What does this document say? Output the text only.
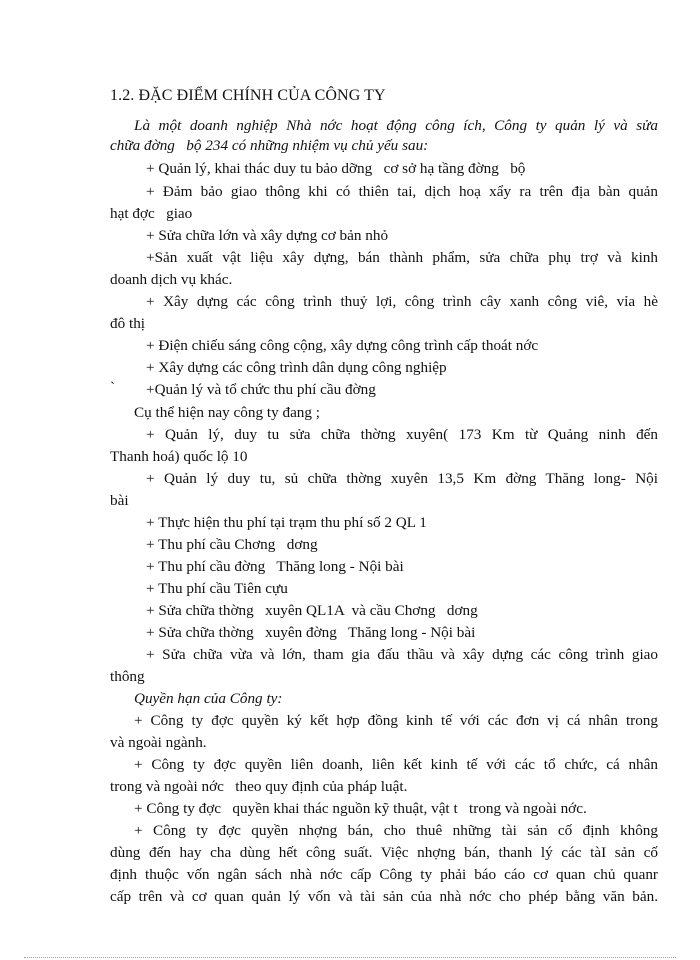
1.2. ĐẶC ĐIỂM CHÍNH CỦA CÔNG TY

Là một doanh nghiệp Nhà nớc hoạt động công ích, Công ty quản lý và sửa

chữa đờng   bộ 234 có những nhiệm vụ chủ yếu sau:

+ Quản lý, khai thác duy tu bảo dỡng   cơ sở hạ tầng đờng   bộ

+ Đảm bảo giao thông khi có thiên tai, dịch hoạ xẩy ra trên địa bàn quản

hạt đợc   giao

+ Sửa chữa lớn và xây dựng cơ bản nhỏ

+Sản xuất vật liệu xây dựng, bán thành phẩm, sửa chữa phụ trợ và kinh

doanh dịch vụ khác.

+ Xây dựng các công trình thuỷ lợi, công trình cây xanh công viê, vỉa hè

đô thị

+ Điện chiếu sáng công cộng, xây dựng công trình cấp thoát nớc

+ Xây dựng các công trình dân dụng công nghiệp

` +Quản lý và tổ chức thu phí cầu đờng

Cụ thể hiện nay công ty đang ;

+ Quản lý, duy tu sửa chữa thờng xuyên( 173 Km từ Quảng ninh đến

Thanh hoá) quốc lộ 10

+ Quản lý duy tu, sủ chữa thờng xuyên 13,5 Km đờng Thăng long- Nội

bài

+ Thực hiện thu phí tại trạm thu phí số 2 QL 1

+ Thu phí cầu Chơng   dơng

+ Thu phí cầu đờng   Thăng long - Nội bài

+ Thu phí cầu Tiên cựu

+ Sửa chữa thờng   xuyên QL1A  và cầu Chơng   dơng

+ Sửa chữa thờng   xuyên đờng   Thăng long - Nội bài

+ Sửa chữa vừa và lớn, tham gia đấu thầu và xây dựng các công trình giao

thông

Quyền hạn của Công ty:

+ Công ty đợc quyền ký kết hợp đồng kinh tế với các đơn vị cá nhân trong

và ngoài ngành.

+ Công ty đợc quyền liên doanh, liên kết kinh tế với các tổ chức, cá nhân

trong và ngoài nớc   theo quy định của pháp luật.

+ Công ty đợc   quyền khai thác nguồn kỹ thuật, vật t   trong và ngoài nớc.

+ Công ty đợc quyền nhợng bán, cho thuê những tài sản cố định không

dùng đến hay cha dùng hết công suất. Việc nhợng bán, thanh lý các tàI sản cố

định thuộc vốn ngân sách nhà nớc cấp Công ty phải báo cáo cơ quan chủ quanr

cấp trên và cơ quan quản lý vốn và tài sản của nhà nớc cho phép bằng văn bản.
